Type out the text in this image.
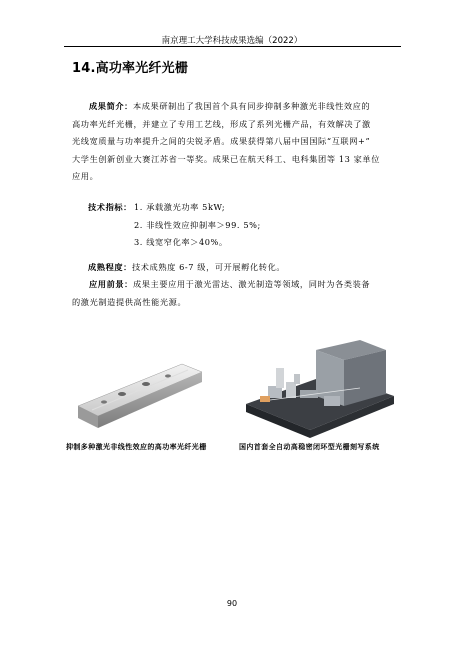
南京理工大学科技成果选编（2022）
14.高功率光纤光栅
成果简介：本成果研制出了我国首个具有同步抑制多种激光非线性效应的
高功率光纤光栅，并建立了专用工艺线，形成了系列光栅产品，有效解决了激
光线宽质量与功率提升之间的尖锐矛盾。成果获得第八届中国国际“互联网+”
大学生创新创业大赛江苏省一等奖。成果已在航天科工、电科集团等 13 家单位
应用。
技术指标： 1. 承载激光功率 5kW;
2. 非线性效应抑制率＞99. 5%;
3. 线宽窄化率＞40%。
成熟程度：技术成熟度 6-7 级，可开展孵化转化。
应用前景：成果主要应用于激光雷达、激光制造等领域，同时为各类装备
的激光制造提供高性能光源。
抑制多种激光非线性效应的高功率光纤光栅	国内首套全自动高稳密闭环型光栅刻写系统
90
